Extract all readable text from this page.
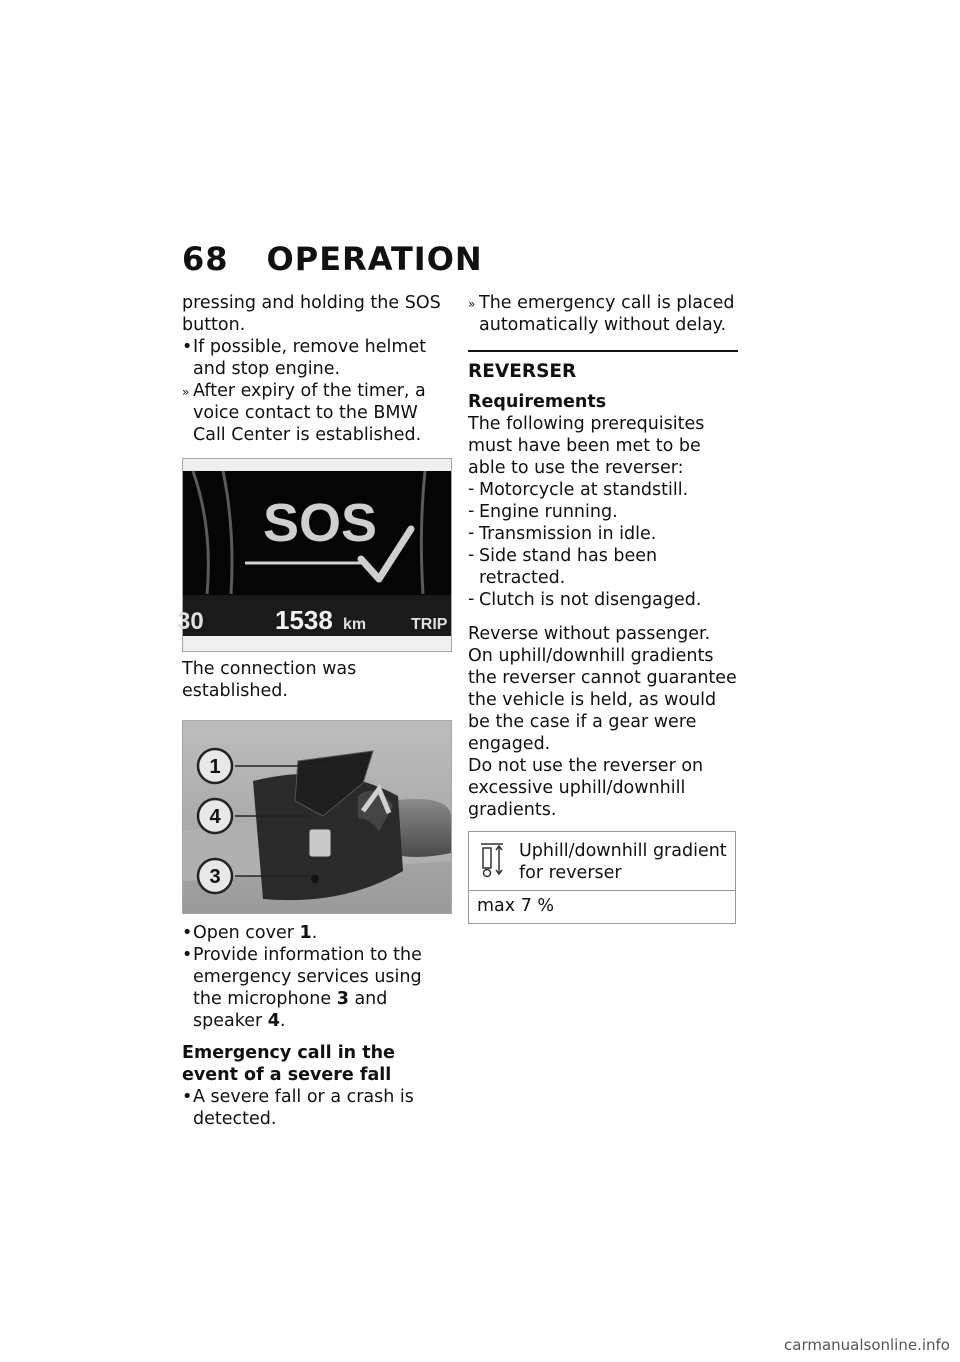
68 OPERATION

pressing and holding the SOS button.

• If possible, remove helmet and stop engine.
» After expiry of the timer, a voice contact to the BMW Call Center is established.
SOS
30	1538 km	TRIP

The connection was established.

1
4
3
• Open cover 1.
• Provide information to the emergency services using the microphone 3 and speaker 4.

Emergency call in the event of a severe fall

• A severe fall or a crash is detected.
» The emergency call is placed automatically without delay.
REVERSER

Requirements

The following prerequisites must have been met to be able to use the reverser:

- Motorcycle at standstill.
- Engine running.
- Transmission in idle.
- Side stand has been retracted.
- Clutch is not disengaged.

Reverse without passenger.

On uphill/downhill gradients the reverser cannot guarantee the vehicle is held, as would be the case if a gear were engaged.

Do not use the reverser on excessive uphill/downhill gradients.

Uphill/downhill gradient for reverser
max 7 %
carmanualsonline.info
